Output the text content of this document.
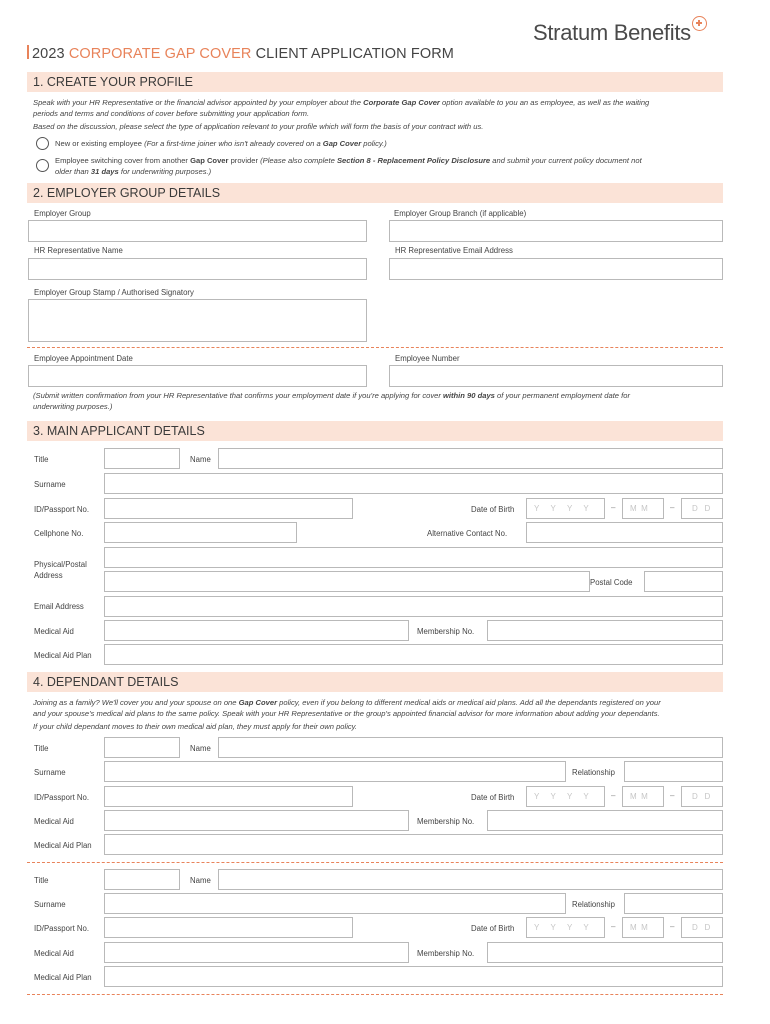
2023 CORPORATE GAP COVER CLIENT APPLICATION FORM
Stratum Benefits
1. CREATE YOUR PROFILE
Speak with your HR Representative or the financial advisor appointed by your employer about the Corporate Gap Cover option available to you an as employee, as well as the waiting
periods and terms and conditions of cover before submitting your application form.
Based on the discussion, please select the type of application relevant to your profile which will form the basis of your contract with us.
New or existing employee (For a first-time joiner who isn't already covered on a Gap Cover policy.)
Employee switching cover from another Gap Cover provider (Please also complete Section 8 - Replacement Policy Disclosure and submit your current policy document not
older than 31 days for underwriting purposes.)
2. EMPLOYER GROUP DETAILS
Employer Group	Employer Group Branch (if applicable)
HR Representative Name	HR Representative Email Address
Employer Group Stamp / Authorised Signatory
Employee Appointment Date	Employee Number
(Submit written confirmation from your HR Representative that confirms your employment date if you're applying for cover within 90 days of your permanent employment date for
underwriting purposes.)
3. MAIN APPLICANT DETAILS
Title	Name
Surname
ID/Passport No.	Date of Birth Y Y Y Y	– M M	– D D
Cellphone No.	Alternative Contact No.
Physical/Postal
Address
Postal Code
Email Address
Medical Aid	Membership No.
Medical Aid Plan
4. DEPENDANT DETAILS
Joining as a family? We'll cover you and your spouse on one Gap Cover policy, even if you belong to different medical aids or medical aid plans. Add all the dependants registered on your
and your spouse's medical aid plans to the same policy. Speak with your HR Representative or the group's appointed financial advisor for more information about adding your dependants.
If your child dependant moves to their own medical aid plan, they must apply for their own policy.
Title	Name
Surname	Relationship
ID/Passport No.	Date of Birth Y Y Y Y	– M M	– D D
Medical Aid	Membership No.
Medical Aid Plan
Title	Name
Surname	Relationship
ID/Passport No.	Date of Birth Y Y Y Y	– M M	– D D
Medical Aid	Membership No.
Medical Aid Plan
